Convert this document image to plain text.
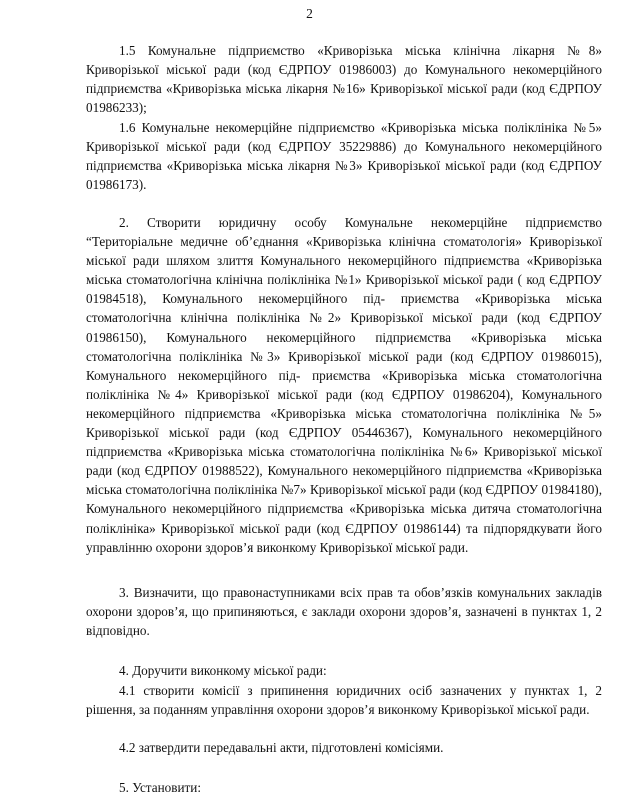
2

1.5 Комунальне підприємство «Криворізька міська клінічна лікарня №8» Криворізької міської ради (код ЄДРПОУ 01986003) до Комунального некомерційного підприємства «Криворізька міська лікарня №16» Криворізької міської ради (код ЄДРПОУ 01986233);

1.6 Комунальне некомерційне підприємство «Криворізька міська поліклініка №5» Криворізької міської ради (код ЄДРПОУ 35229886) до Комунального некомерційного підприємства «Криворізька міська лікарня №3» Криворізької міської ради (код ЄДРПОУ 01986173).

2. Створити юридичну особу Комунальне некомерційне підприємство “Територіальне медичне об’єднання «Криворізька клінічна стоматологія» Криворізької міської ради шляхом злиття Комунального некомерційного підприємства «Криворізька міська стоматологічна клінічна поліклініка №1» Криворізької міської ради ( код ЄДРПОУ 01984518), Комунального некомерційного під- приємства «Криворізька міська стоматологічна клінічна поліклініка №2» Криворізької міської ради (код ЄДРПОУ 01986150), Комунального некомерційного підприємства «Криворізька міська стоматологічна поліклініка №3» Криворізької міської ради (код ЄДРПОУ 01986015), Комунального некомерційного під- приємства «Криворізька міська стоматологічна поліклініка №4» Криворізької міської ради (код ЄДРПОУ 01986204), Комунального некомерційного підприємства «Криворізька міська стоматологічна поліклініка №5» Криворізької міської ради (код ЄДРПОУ 05446367), Комунального некомерційного підприємства «Криворізька міська стоматологічна поліклініка №6» Криворізької міської ради (код ЄДРПОУ 01988522), Комунального некомерційного підприємства «Криворізька міська стоматологічна поліклініка №7» Криворізької міської ради (код ЄДРПОУ 01984180), Комунального некомерційного підприємства «Криворізька міська дитяча стоматологічна поліклініка» Криворізької міської ради (код ЄДРПОУ 01986144) та підпорядкувати його управлінню охорони здоров’я виконкому Криворізької міської ради.

3. Визначити, що правонаступниками всіх прав та обов’язків комунальних закладів охорони здоров’я, що припиняються, є заклади охорони здоров’я, зазначені в пунктах 1, 2 відповідно.

4. Доручити виконкому міської ради:

4.1 створити комісії з припинення юридичних осіб зазначених у пунктах 1, 2 рішення, за поданням управління охорони здоров’я виконкому Криворізької міської ради.

4.2 затвердити передавальні акти, підготовлені комісіями.

5. Установити:
